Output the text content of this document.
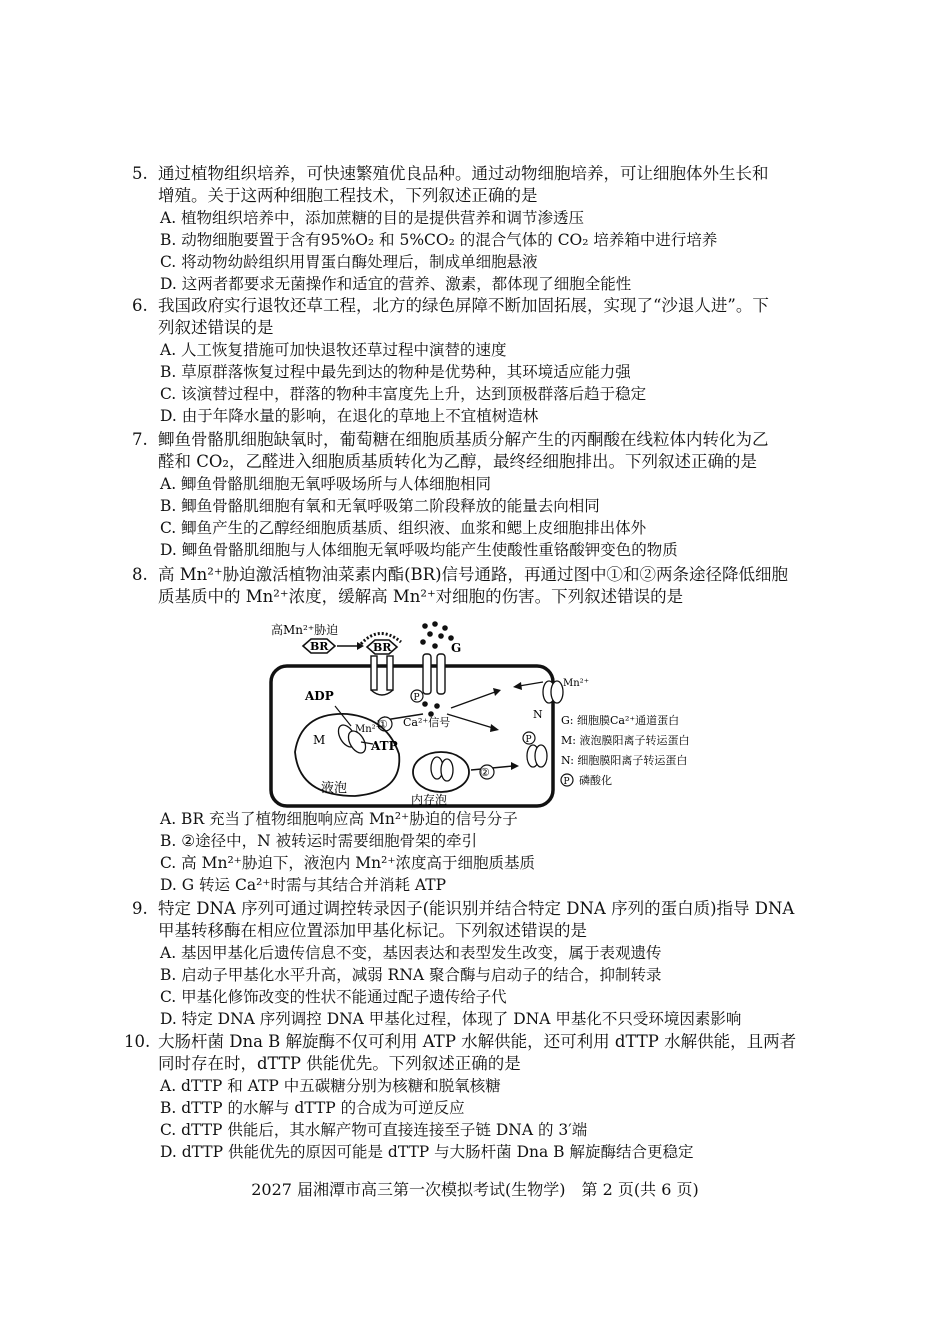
5. 通过植物组织培养，可快速繁殖优良品种。通过动物细胞培养，可让细胞体外生长和
增殖。关于这两种细胞工程技术，下列叙述正确的是
A. 植物组织培养中，添加蔗糖的目的是提供营养和调节渗透压
B. 动物细胞要置于含有95%O₂ 和 5%CO₂ 的混合气体的 CO₂ 培养箱中进行培养
C. 将动物幼龄组织用胃蛋白酶处理后，制成单细胞悬液
D. 这两者都要求无菌操作和适宜的营养、激素，都体现了细胞全能性
6. 我国政府实行退牧还草工程，北方的绿色屏障不断加固拓展，实现了“沙退人进”。下
列叙述错误的是
A. 人工恢复措施可加快退牧还草过程中演替的速度
B. 草原群落恢复过程中最先到达的物种是优势种，其环境适应能力强
C. 该演替过程中，群落的物种丰富度先上升，达到顶极群落后趋于稳定
D. 由于年降水量的影响，在退化的草地上不宜植树造林
7. 鲫鱼骨骼肌细胞缺氧时，葡萄糖在细胞质基质分解产生的丙酮酸在线粒体内转化为乙
醛和 CO₂，乙醛进入细胞质基质转化为乙醇，最终经细胞排出。下列叙述正确的是
A. 鲫鱼骨骼肌细胞无氧呼吸场所与人体细胞相同
B. 鲫鱼骨骼肌细胞有氧和无氧呼吸第二阶段释放的能量去向相同
C. 鲫鱼产生的乙醇经细胞质基质、组织液、血浆和鳃上皮细胞排出体外
D. 鲫鱼骨骼肌细胞与人体细胞无氧呼吸均能产生使酸性重铬酸钾变色的物质
8. 高 Mn²⁺胁迫激活植物油菜素内酯(BR)信号通路，再通过图中①和②两条途径降低细胞
质基质中的 Mn²⁺浓度，缓解高 Mn²⁺对细胞的伤害。下列叙述错误的是
高Mn²⁺胁迫
BR	BR	G
P
Ca²⁺信号
①
液泡
ADP
ATP
M
Mn²⁺
内存泡
②
P
N
Mn²⁺
G: 细胞膜Ca²⁺通道蛋白
M: 液泡膜阳离子转运蛋白
N: 细胞膜阳离子转运蛋白
P 磷酸化
A. BR 充当了植物细胞响应高 Mn²⁺胁迫的信号分子
B. ②途径中，N 被转运时需要细胞骨架的牵引
C. 高 Mn²⁺胁迫下，液泡内 Mn²⁺浓度高于细胞质基质
D. G 转运 Ca²⁺时需与其结合并消耗 ATP
9. 特定 DNA 序列可通过调控转录因子(能识别并结合特定 DNA 序列的蛋白质)指导 DNA
甲基转移酶在相应位置添加甲基化标记。下列叙述错误的是
A. 基因甲基化后遗传信息不变，基因表达和表型发生改变，属于表观遗传
B. 启动子甲基化水平升高，减弱 RNA 聚合酶与启动子的结合，抑制转录
C. 甲基化修饰改变的性状不能通过配子遗传给子代
D. 特定 DNA 序列调控 DNA 甲基化过程，体现了 DNA 甲基化不只受环境因素影响
10. 大肠杆菌 Dna B 解旋酶不仅可利用 ATP 水解供能，还可利用 dTTP 水解供能，且两者
同时存在时，dTTP 供能优先。下列叙述正确的是
A. dTTP 和 ATP 中五碳糖分别为核糖和脱氧核糖
B. dTTP 的水解与 dTTP 的合成为可逆反应
C. dTTP 供能后，其水解产物可直接连接至子链 DNA 的 3′端
D. dTTP 供能优先的原因可能是 dTTP 与大肠杆菌 Dna B 解旋酶结合更稳定
2027 届湘潭市高三第一次模拟考试(生物学)　第 2 页(共 6 页)
